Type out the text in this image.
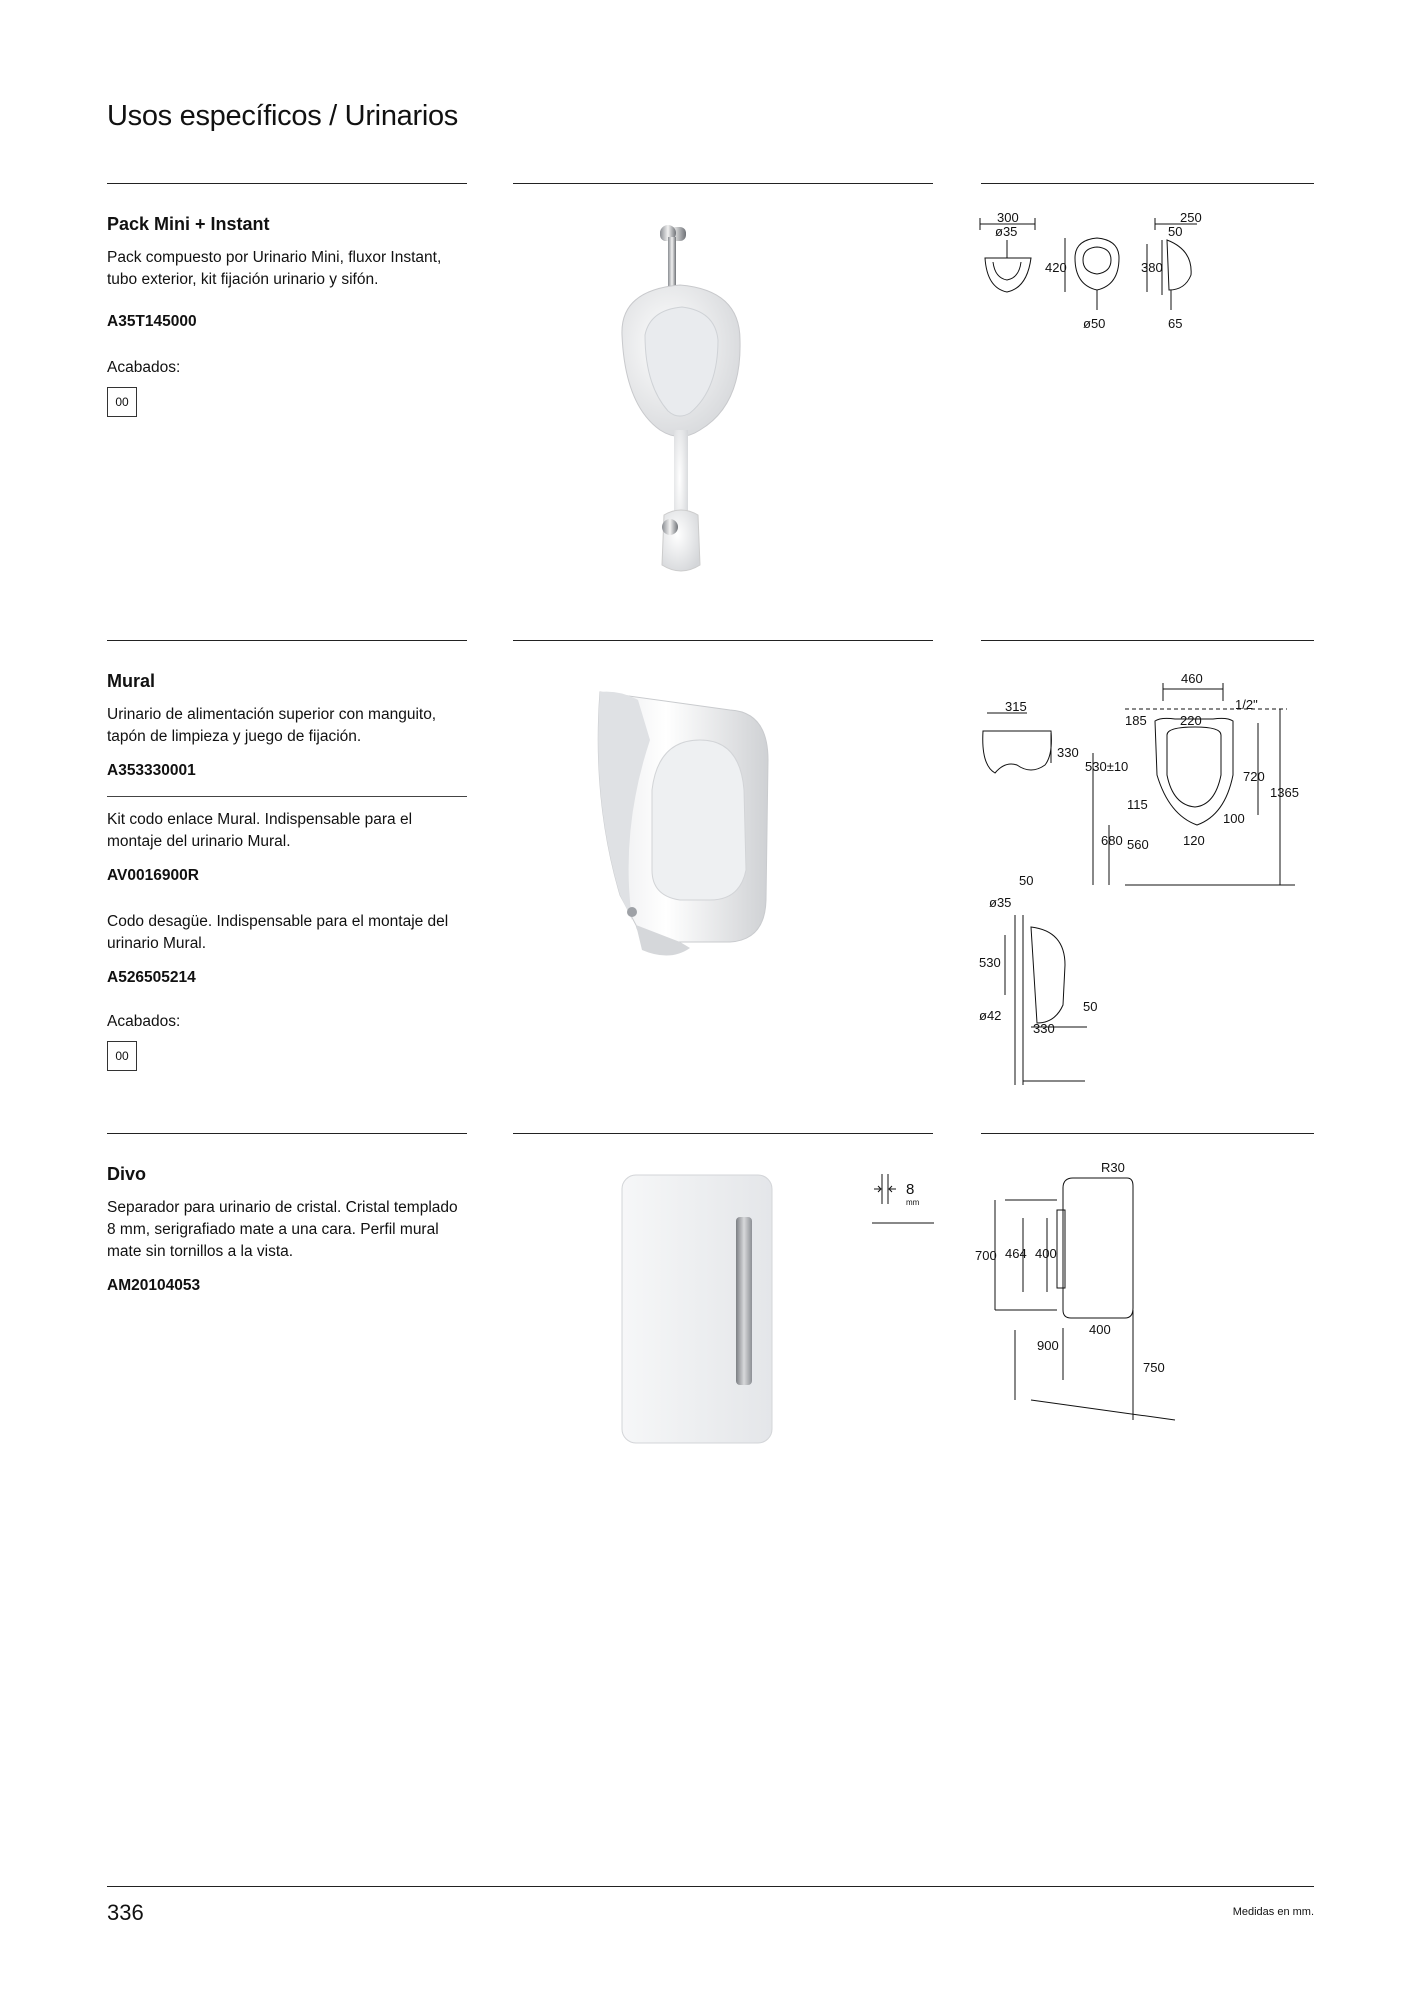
Usos específicos / Urinarios

Pack Mini + Instant

Pack compuesto por Urinario Mini, fluxor Instant, tubo exterior, kit fijación urinario y sifón.

A35T145000

Acabados:

00
300
ø35
420
ø50
250
50
380
65

Mural

Urinario de alimentación superior con manguito, tapón de limpieza y juego de fijación.

A353330001

Kit codo enlace Mural. Indispensable para el montaje del urinario Mural.

AV0016900R

Codo desagüe. Indispensable para el montaje del urinario Mural.

A526505214

Acabados:

00
315
330
460
1/2"
185	220
530±10
720
1365
115
100
680 560	120
50
ø35
530
ø42
50
330

Divo

Separador para urinario de cristal. Cristal templado 8 mm, serigrafiado mate a una cara. Perfil mural mate sin tornillos a la vista.

AM20104053

8
mm
R30
700 464 400
400
900
750
336	Medidas en mm.
